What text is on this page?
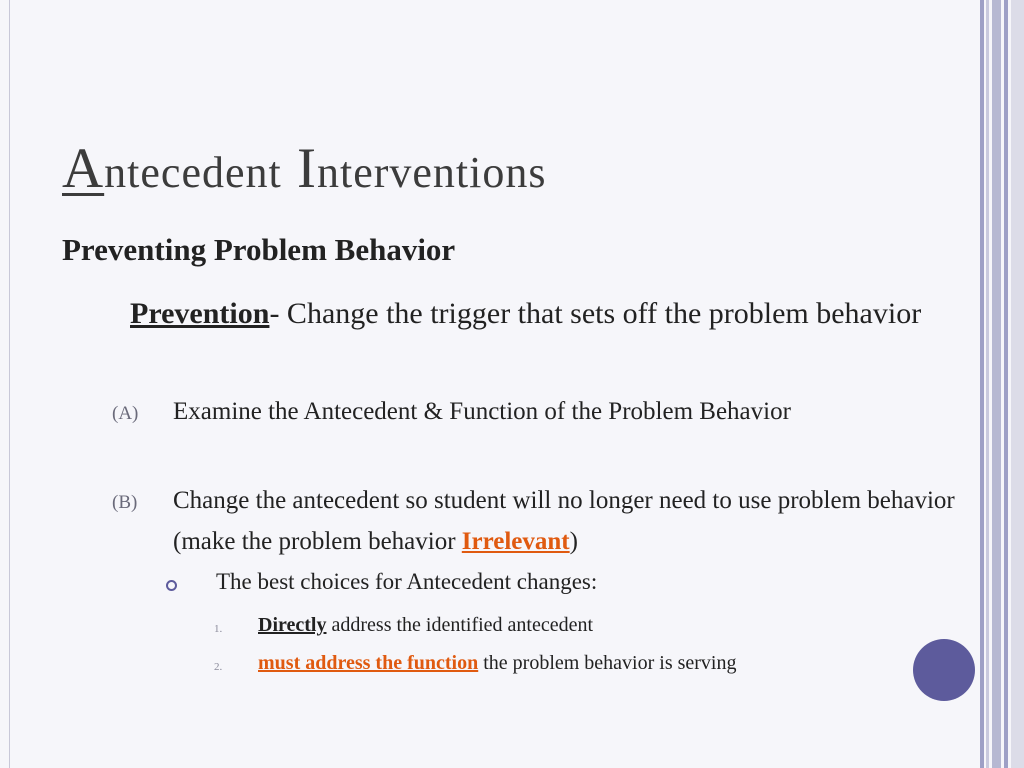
Antecedent Interventions
Preventing Problem Behavior
Prevention- Change the trigger that sets off the problem behavior
(A) Examine the Antecedent & Function of the Problem Behavior
(B) Change the antecedent so student will no longer need to use problem behavior (make the problem behavior Irrelevant)
The best choices for Antecedent changes:
1. Directly address the identified antecedent
2. must address the function the problem behavior is serving
